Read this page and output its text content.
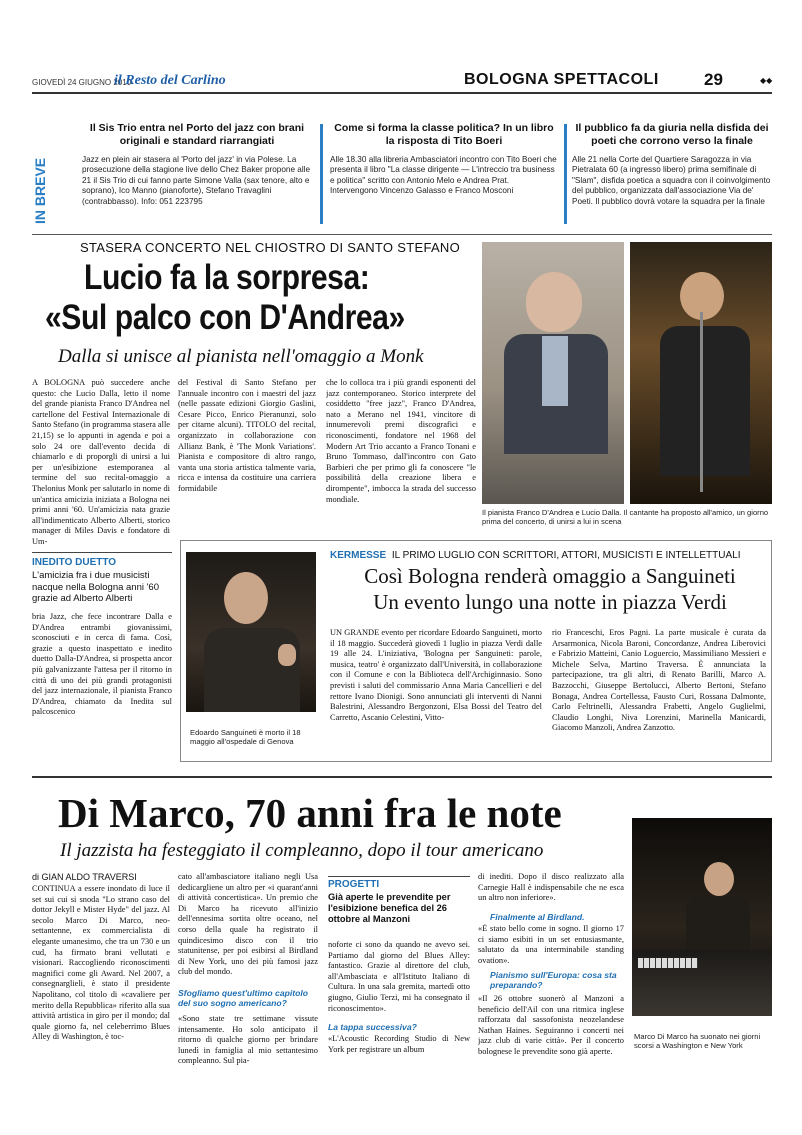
GIOVEDÌ 24 GIUGNO 2010
il Resto del Carlino	BOLOGNA SPETTACOLI	29	◆◆
IN BREVE
Il Sis Trio entra nel Porto del jazz con brani originali e standard riarrangiati
Jazz en plein air stasera al 'Porto del jazz' in via Polese. La prosecuzione della stagione live dello Chez Baker propone alle 21 il Sis Trio di cui fanno parte Simone Valla (sax tenore, alto e soprano), Ico Manno (pianoforte), Stefano Travaglini (contrabbasso). Info: 051 223795
Come si forma la classe politica? In un libro la risposta di Tito Boeri
Alle 18.30 alla libreria Ambasciatori incontro con Tito Boeri che presenta il libro "La classe dirigente — L'intreccio tra business e politica" scritto con Antonio Melo e Andrea Prat. Intervengono Vincenzo Galasso e Franco Mosconi
Il pubblico fa da giuria nella disfida dei poeti che corrono verso la finale
Alle 21 nella Corte del Quartiere Saragozza in via Pietralata 60 (a ingresso libero) prima semifinale di "Slam", disfida poetica a squadra con il coinvolgimento del pubblico, organizzata dall'associazione Via de' Poeti. Il pubblico dovrà votare la squadra per la finale
STASERA CONCERTO NEL CHIOSTRO DI SANTO STEFANO
Lucio fa la sorpresa:
«Sul palco con D'Andrea»
Dalla si unisce al pianista nell'omaggio a Monk
A BOLOGNA può succedere anche questo: che Lucio Dalla, letto il nome del grande pianista Franco D'Andrea nel cartellone del Festival Internazionale di Santo Stefano (in programma stasera alle 21,15) se lo appunti in agenda e poi a solo 24 ore dall'evento decida di chiamarlo e di proporgli di unirsi a lui per un'esibizione estemporanea al termine del suo recital-omaggio a Thelonius Monk per salutarlo in nome di un'antica amicizia iniziata a Bologna nei primi anni '60. Un'amicizia nata grazie all'indimenticato Alberto Alberti, storico manager di Miles Davis e fondatore di Um-
del Festival di Santo Stefano per l'annuale incontro con i maestri del jazz (nelle passate edizioni Giorgio Gaslini, Cesare Picco, Enrico Pieranunzi, solo per citarne alcuni). TITOLO del recital, organizzato in collaborazione con Allianz Bank, è 'The Monk Variations'. Pianista e compositore di altro rango, vanta una storia artistica talmente varia, ricca e intensa da costituire una carriera formidabile
che lo colloca tra i più grandi esponenti del jazz contemporaneo. Storico interprete del cosiddetto "free jazz", Franco D'Andrea, nato a Merano nel 1941, vincitore di innumerevoli premi discografici e riconoscimenti, fondatore nel 1968 del Modern Art Trio accanto a Franco Tonani e Bruno Tommaso, dall'incontro con Gato Barbieri che per primo gli fa conoscere "le possibilità della creazione libera e dirompente", imbocca la strada del successo mondiale.
INEDITO DUETTO
L'amicizia fra i due musicisti nacque nella Bologna anni '60 grazie ad Alberto Alberti
bria Jazz, che fece incontrare Dalla e D'Andrea entrambi giovanissimi, sconosciuti e in cerca di fama. Così, grazie a questo inaspettato e inedito duetto Dalla-D'Andrea, si prospetta ancor più galvanizzante l'attesa per il ritorno in città di uno dei più grandi protagonisti del jazz internazionale, il pianista Franco D'Andrea, chiamato da Inedita sul palcoscenico
Il pianista Franco D'Andrea e Lucio Dalla. Il cantante ha proposto all'amico, un giorno prima del concerto, di unirsi a lui in scena
Edoardo Sanguineti è morto il 18 maggio all'ospedale di Genova
KERMESSE IL PRIMO LUGLIO CON SCRITTORI, ATTORI, MUSICISTI E INTELLETTUALI
Così Bologna renderà omaggio a Sanguineti
Un evento lungo una notte in piazza Verdi
UN GRANDE evento per ricordare Edoardo Sanguineti, morto il 18 maggio. Succederà giovedì 1 luglio in piazza Verdi dalle 19 alle 24. L'iniziativa, 'Bologna per Sanguineti: parole, musica, teatro' è organizzato dall'Università, in collaborazione con il Comune e con la Biblioteca dell'Archiginnasio. Sono previsti i saluti del commissario Anna Maria Cancellieri e del rettore Ivano Dionigi. Sono annunciati gli interventi di Nanni Balestrini, Alessandro Bergonzoni, Elsa Bossi del Teatro del Carretto, Ascanio Celestini, Vitto-
rio Franceschi, Eros Pagni. La parte musicale è curata da Arsarmonica, Nicola Baroni, Concordanze, Andrea Liberovici e Fabrizio Matteini, Canio Loguercio, Massimiliano Messieri e Michele Selva, Martino Traversa. È annunciata la partecipazione, tra gli altri, di Renato Barilli, Marco A. Bazzocchi, Giuseppe Bertolucci, Alberto Bertoni, Stefano Bonaga, Andrea Cortellessa, Fausto Curi, Rossana Dalmonte, Carlo Feltrinelli, Alessandra Frabetti, Angelo Guglielmi, Claudio Longhi, Niva Lorenzini, Marinella Manicardi, Giacomo Manzoli, Andrea Zanzotto.
Di Marco, 70 anni fra le note
Il jazzista ha festeggiato il compleanno, dopo il tour americano
di GIAN ALDO TRAVERSI
CONTINUA a essere inondato di luce il set sui cui si snoda "Lo strano caso del dottor Jekyll e Mister Hyde" del jazz. Al secolo Marco Di Marco, neo-settantenne, ex commercialista di elegante umanesimo, che tra un 730 e un cud, ha firmato brani vellutati e visionari. Raccogliendo riconoscimenti magnifici come gli Award. Nel 2007, a consegnarglieli, è stato il presidente Napolitano, col titolo di «cavaliere per merito della Repubblica» riferito alla sua attività artistica in giro per il mondo; dal quale giorno fa, nel celeberrimo Blues Alley di Washington, è toc-
cato all'ambasciatore italiano negli Usa dedicargliene un altro per «i quarant'anni di attività concertistica». Un premio che Di Marco ha ricevuto all'inizio dell'ennesima sortita oltre oceano, nel corso della quale ha registrato il quindicesimo disco con il trio statunitense, per poi esibirsi al Birdland di New York, uno dei più famosi jazz club del mondo.
Sfogliamo quest'ultimo capitolo del suo sogno americano?
«Sono state tre settimane vissute intensamente. Ho solo anticipato il ritorno di qualche giorno per brindare lunedì in famiglia al mio settantesimo compleanno. Sul pia-
PROGETTI
Già aperte le prevendite per l'esibizione benefica del 26 ottobre al Manzoni
noforte ci sono da quando ne avevo sei. Partiamo dal giorno del Blues Alley: fantastico. Grazie al direttore del club, all'Ambasciata e all'Istituto Italiano di Cultura. In una sala gremita, martedì otto giugno, Giulio Terzi, mi ha consegnato il riconoscimento».
La tappa successiva?
«L'Acoustic Recording Studio di New York per registrare un album
di inediti. Dopo il disco realizzato alla Carnegie Hall è indispensabile che ne esca un altro non inferiore».
Finalmente al Birdland.
«È stato bello come in sogno. Il giorno 17 ci siamo esibiti in un set entusiasmante, salutato da una interminabile standing ovation».
Pianismo sull'Europa: cosa sta preparando?
«Il 26 ottobre suonerò al Manzoni a beneficio dell'Ail con una ritmica inglese rafforzata dal sassofonista neozelandese Nathan Haines. Seguiranno i concerti nei jazz club di varie città». Per il concerto bolognese le prevendite sono già aperte.
Marco Di Marco ha suonato nei giorni scorsi a Washington e New York
